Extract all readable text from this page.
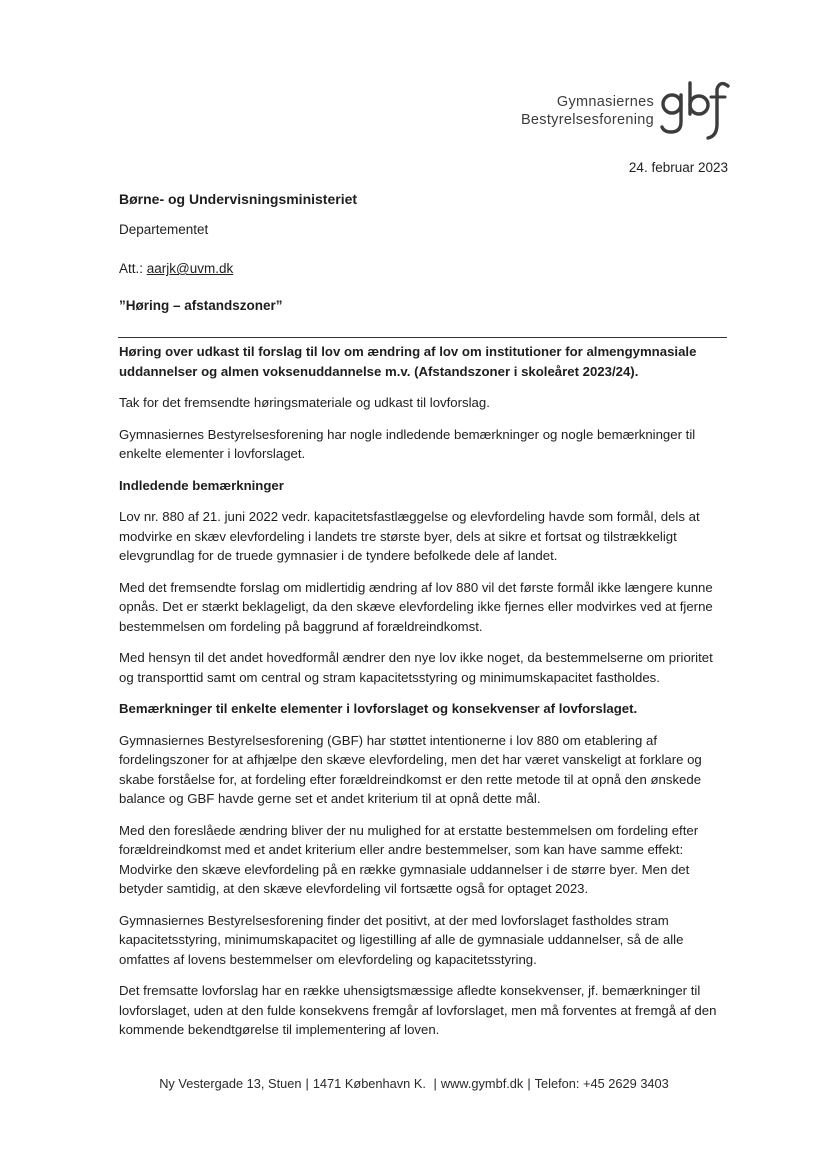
Gymnasiernes
Bestyrelsesforening
24. februar 2023
Børne- og Undervisningsministeriet
Departementet
Att.: aarjk@uvm.dk
”Høring – afstandszoner”

Høring over udkast til forslag til lov om ændring af lov om institutioner for almengymnasiale uddannelser og almen voksenuddannelse m.v. (Afstandszoner i skoleåret 2023/24).

Tak for det fremsendte høringsmateriale og udkast til lovforslag.

Gymnasiernes Bestyrelsesforening har nogle indledende bemærkninger og nogle bemærkninger til enkelte elementer i lovforslaget.

Indledende bemærkninger

Lov nr. 880 af 21. juni 2022 vedr. kapacitetsfastlæggelse og elevfordeling havde som formål, dels at modvirke en skæv elevfordeling i landets tre største byer, dels at sikre et fortsat og tilstrækkeligt elevgrundlag for de truede gymnasier i de tyndere befolkede dele af landet.

Med det fremsendte forslag om midlertidig ændring af lov 880 vil det første formål ikke længere kunne opnås. Det er stærkt beklageligt, da den skæve elevfordeling ikke fjernes eller modvirkes ved at fjerne bestemmelsen om fordeling på baggrund af forældreindkomst.

Med hensyn til det andet hovedformål ændrer den nye lov ikke noget, da bestemmelserne om prioritet og transporttid samt om central og stram kapacitetsstyring og minimumskapacitet fastholdes.

Bemærkninger til enkelte elementer i lovforslaget og konsekvenser af lovforslaget.

Gymnasiernes Bestyrelsesforening (GBF) har støttet intentionerne i lov 880 om etablering af fordelingszoner for at afhjælpe den skæve elevfordeling, men det har været vanskeligt at forklare og skabe forståelse for, at fordeling efter forældreindkomst er den rette metode til at opnå den ønskede balance og GBF havde gerne set et andet kriterium til at opnå dette mål.

Med den foreslåede ændring bliver der nu mulighed for at erstatte bestemmelsen om fordeling efter forældreindkomst med et andet kriterium eller andre bestemmelser, som kan have samme effekt: Modvirke den skæve elevfordeling på en række gymnasiale uddannelser i de større byer. Men det betyder samtidig, at den skæve elevfordeling vil fortsætte også for optaget 2023.

Gymnasiernes Bestyrelsesforening finder det positivt, at der med lovforslaget fastholdes stram kapacitetsstyring, minimumskapacitet og ligestilling af alle de gymnasiale uddannelser, så de alle omfattes af lovens bestemmelser om elevfordeling og kapacitetsstyring.

Det fremsatte lovforslag har en række uhensigtsmæssige afledte konsekvenser, jf. bemærkninger til lovforslaget, uden at den fulde konsekvens fremgår af lovforslaget, men må forventes at fremgå af den kommende bekendtgørelse til implementering af loven.

Ny Vestergade 13, Stuen | 1471 København K. | www.gymbf.dk | Telefon: +45 2629 3403
